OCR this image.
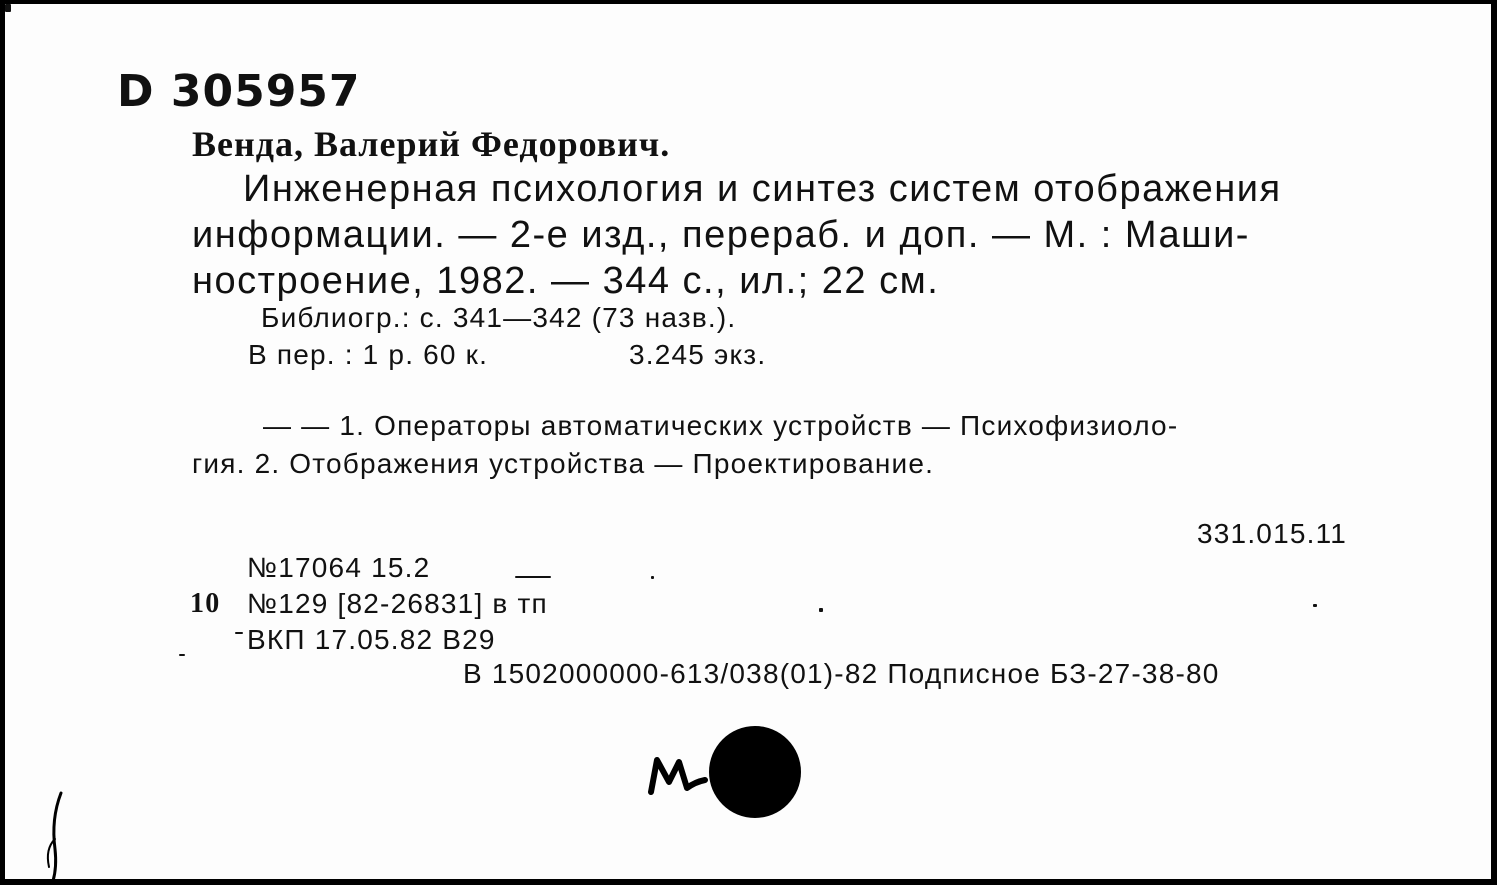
D 305957
Венда, Валерий Федорович.
Инженерная психология и синтез систем отображения
информации. — 2-е изд., перераб. и доп. — М. : Маши-
ностроение, 1982. — 344 с., ил.; 22 см.
Библиогр.: с. 341—342 (73 назв.).
В пер. : 1 р. 60 к.	3.245 экз.
— — 1. Операторы автоматических устройств — Психофизиоло-
гия. 2. Отображения устройства — Проектирование.
331.015.11
№17064 15.2
10 №129 [82-26831] в тп
ВКП 17.05.82 В29
В 1502000000-613/038(01)-82 Подписное БЗ-27-38-80
